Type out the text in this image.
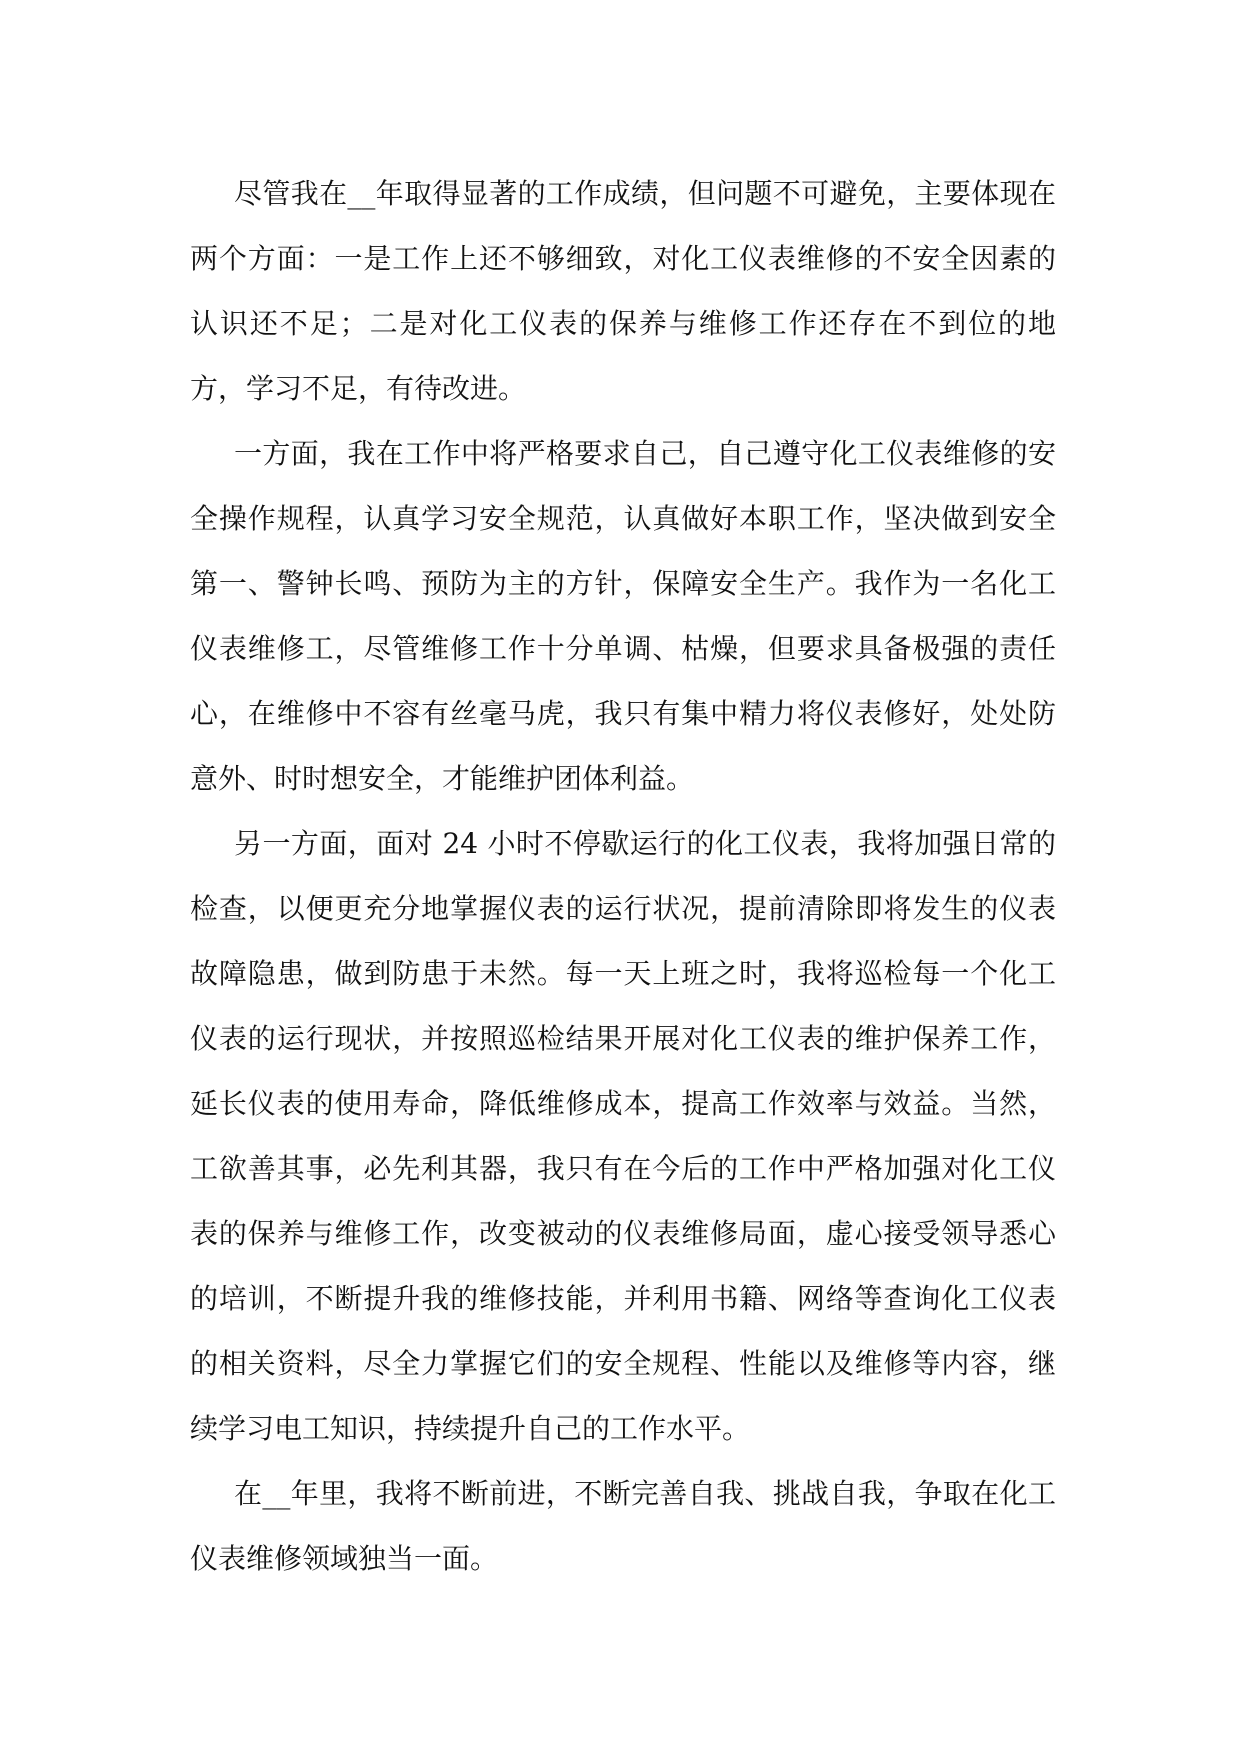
尽管我在__年取得显著的工作成绩，但问题不可避免，主要体现在两个方面：一是工作上还不够细致，对化工仪表维修的不安全因素的认识还不足；二是对化工仪表的保养与维修工作还存在不到位的地方，学习不足，有待改进。

一方面，我在工作中将严格要求自己，自己遵守化工仪表维修的安全操作规程，认真学习安全规范，认真做好本职工作，坚决做到安全第一、警钟长鸣、预防为主的方针，保障安全生产。我作为一名化工仪表维修工，尽管维修工作十分单调、枯燥，但要求具备极强的责任心，在维修中不容有丝毫马虎，我只有集中精力将仪表修好，处处防意外、时时想安全，才能维护团体利益。

另一方面，面对 24 小时不停歇运行的化工仪表，我将加强日常的检查，以便更充分地掌握仪表的运行状况，提前清除即将发生的仪表故障隐患，做到防患于未然。每一天上班之时，我将巡检每一个化工仪表的运行现状，并按照巡检结果开展对化工仪表的维护保养工作，延长仪表的使用寿命，降低维修成本，提高工作效率与效益。当然，工欲善其事，必先利其器，我只有在今后的工作中严格加强对化工仪表的保养与维修工作，改变被动的仪表维修局面，虚心接受领导悉心的培训，不断提升我的维修技能，并利用书籍、网络等查询化工仪表的相关资料，尽全力掌握它们的安全规程、性能以及维修等内容，继续学习电工知识，持续提升自己的工作水平。

在__年里，我将不断前进，不断完善自我、挑战自我，争取在化工仪表维修领域独当一面。
